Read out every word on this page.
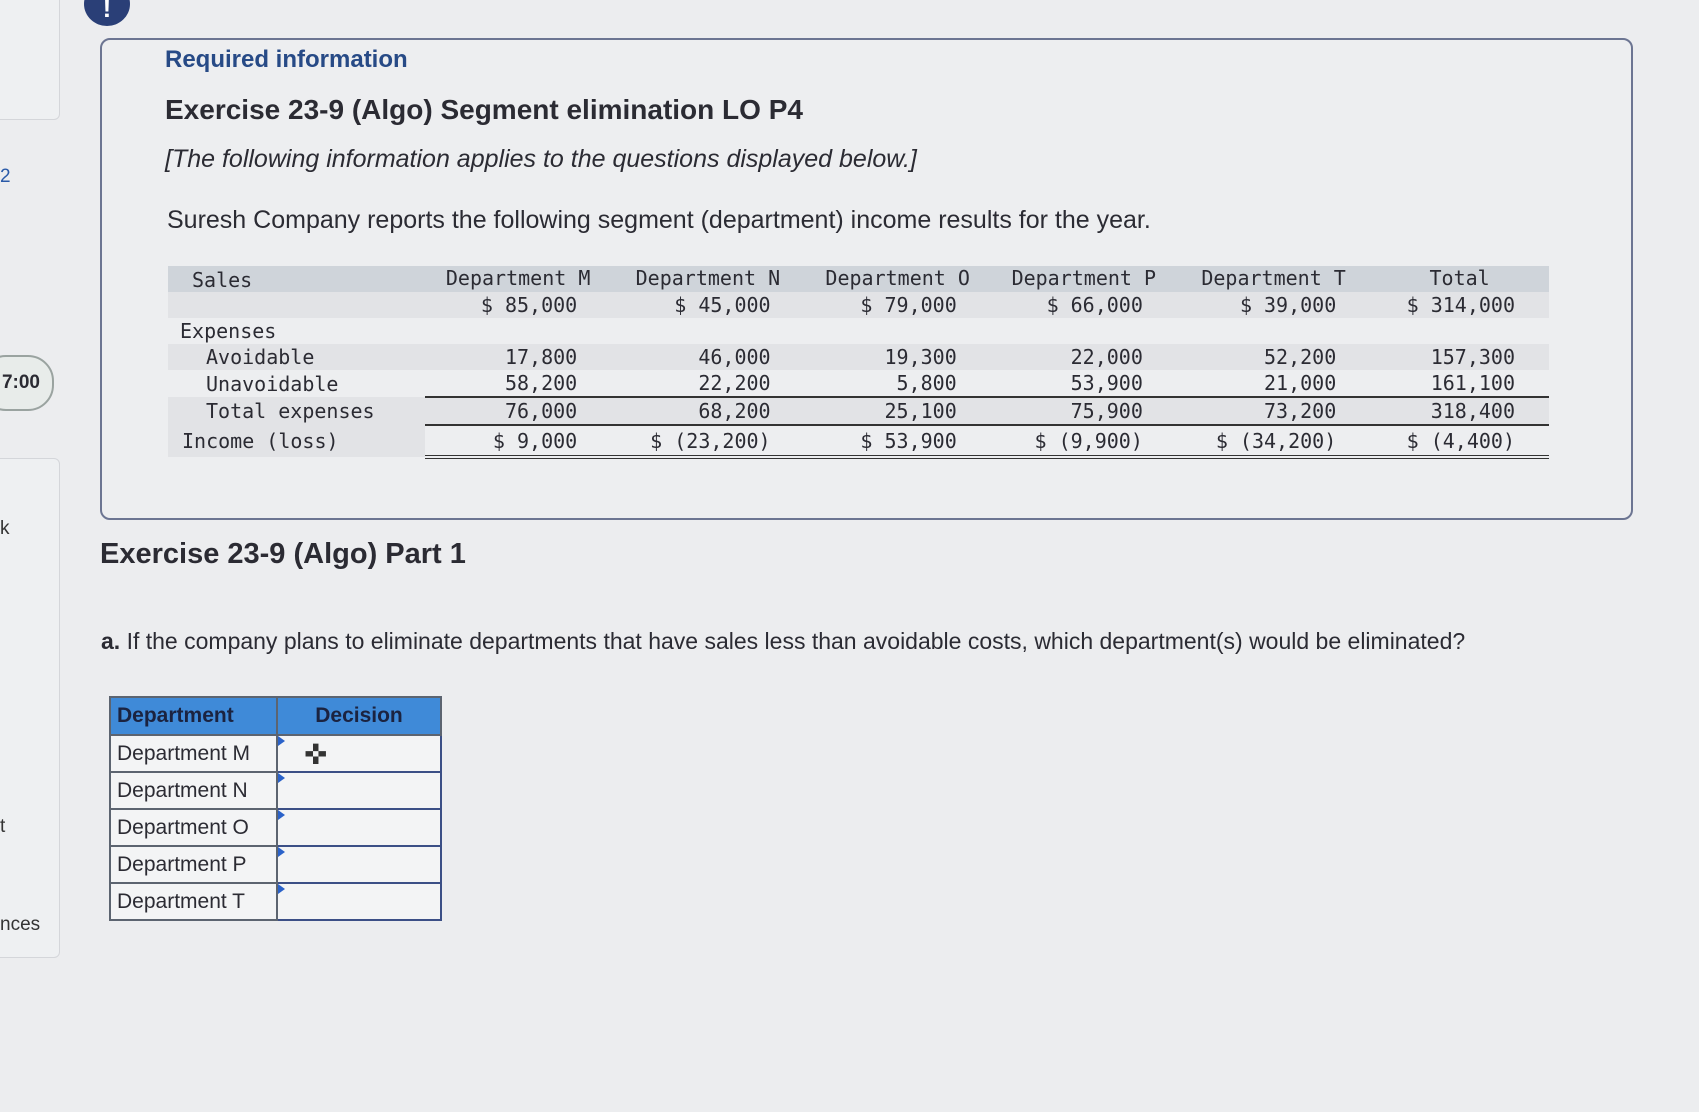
2
7:00
k
t
nces
!
Required information
Exercise 23-9 (Algo) Segment elimination LO P4
[The following information applies to the questions displayed below.]
Suresh Company reports the following segment (department) income results for the year.
Sales	Department M	Department N	Department O	Department P	Department T	Total
	$ 85,000	$ 45,000	$ 79,000	$ 66,000	$ 39,000	$ 314,000
Expenses						
Avoidable	17,800	46,000	19,300	22,000	52,200	157,300
Unavoidable	58,200	22,200	5,800	53,900	21,000	161,100
Total expenses	76,000	68,200	25,100	75,900	73,200	318,400
Income (loss)	$ 9,000	$ (23,200)	$ 53,900	$ (9,900)	$ (34,200)	$ (4,400)
Exercise 23-9 (Algo) Part 1
a. If the company plans to eliminate departments that have sales less than avoidable costs, which department(s) would be eliminated?
Department	Decision
Department M	
Department N	
Department O	
Department P	
Department T	
✜
